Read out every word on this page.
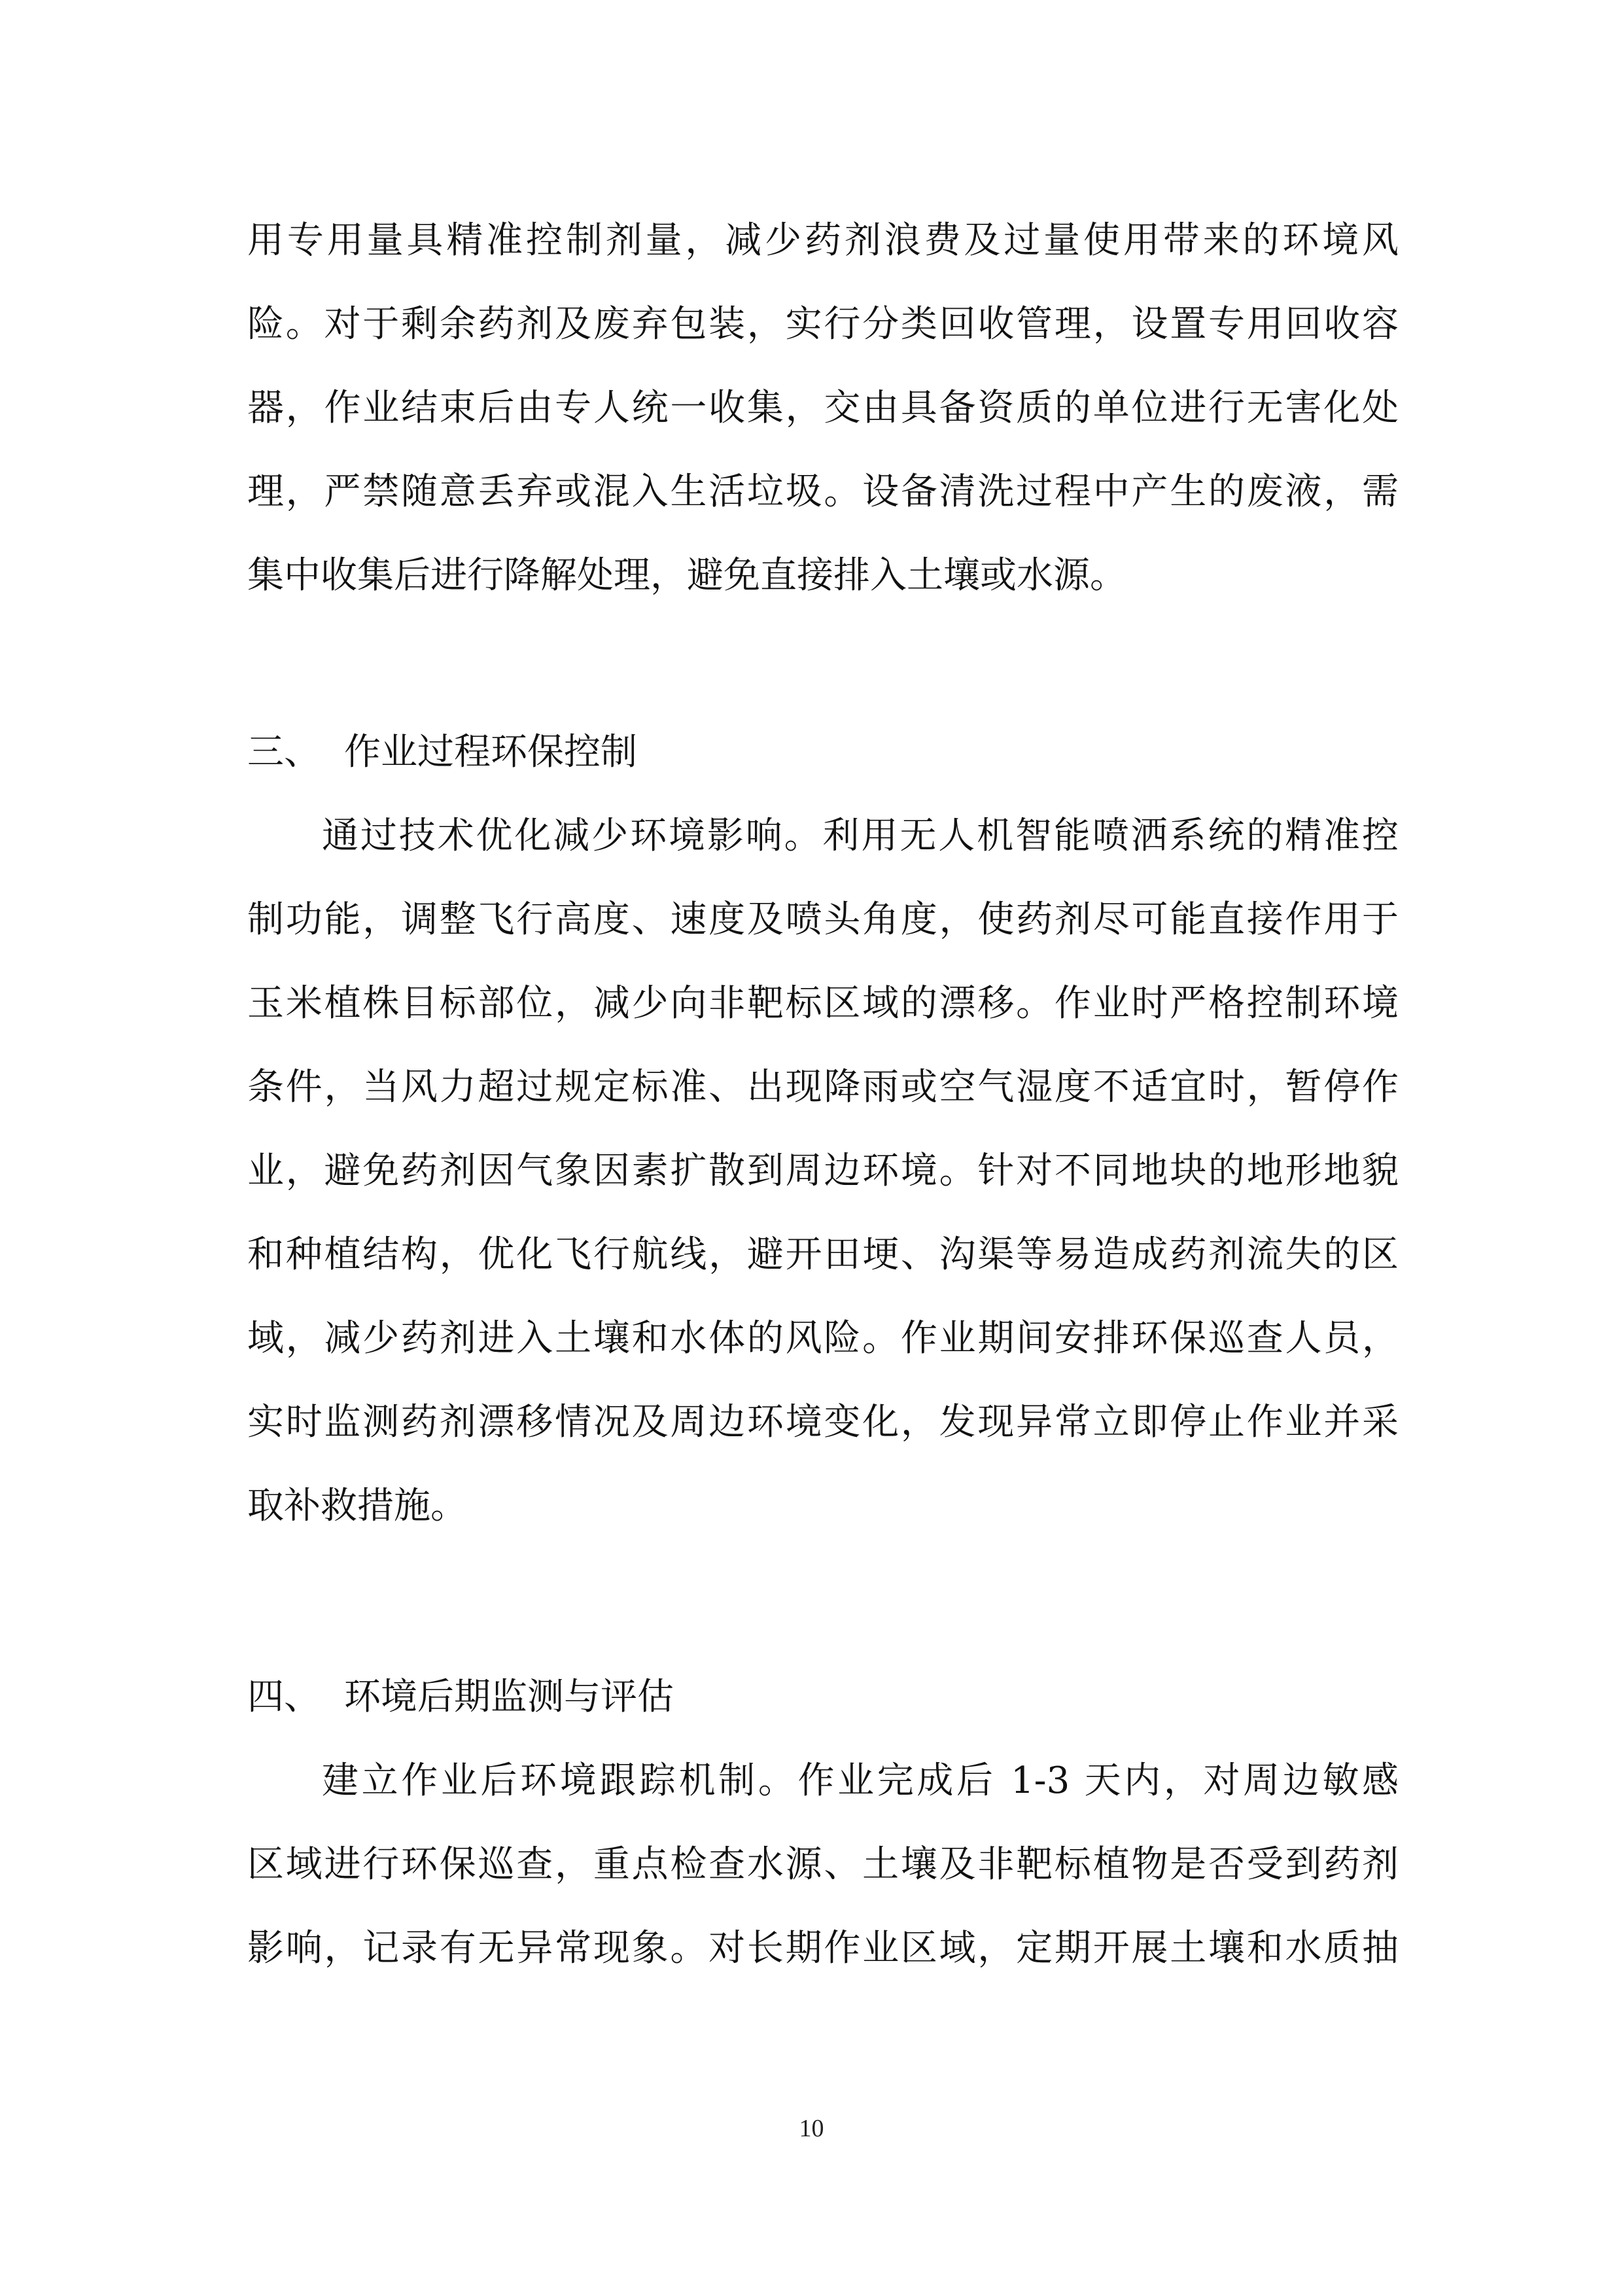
用专用量具精准控制剂量，减少药剂浪费及过量使用带来的环境风
险。对于剩余药剂及废弃包装，实行分类回收管理，设置专用回收容
器，作业结束后由专人统一收集，交由具备资质的单位进行无害化处
理，严禁随意丢弃或混入生活垃圾。设备清洗过程中产生的废液，需
集中收集后进行降解处理，避免直接排入土壤或水源。
三、 作业过程环保控制
通过技术优化减少环境影响。利用无人机智能喷洒系统的精准控
制功能，调整飞行高度、速度及喷头角度，使药剂尽可能直接作用于
玉米植株目标部位，减少向非靶标区域的漂移。作业时严格控制环境
条件，当风力超过规定标准、出现降雨或空气湿度不适宜时，暂停作
业，避免药剂因气象因素扩散到周边环境。针对不同地块的地形地貌
和种植结构，优化飞行航线，避开田埂、沟渠等易造成药剂流失的区
域，减少药剂进入土壤和水体的风险。作业期间安排环保巡查人员，
实时监测药剂漂移情况及周边环境变化，发现异常立即停止作业并采
取补救措施。
四、 环境后期监测与评估
建立作业后环境跟踪机制。作业完成后 1-3 天内，对周边敏感
区域进行环保巡查，重点检查水源、土壤及非靶标植物是否受到药剂
影响，记录有无异常现象。对长期作业区域，定期开展土壤和水质抽
10
